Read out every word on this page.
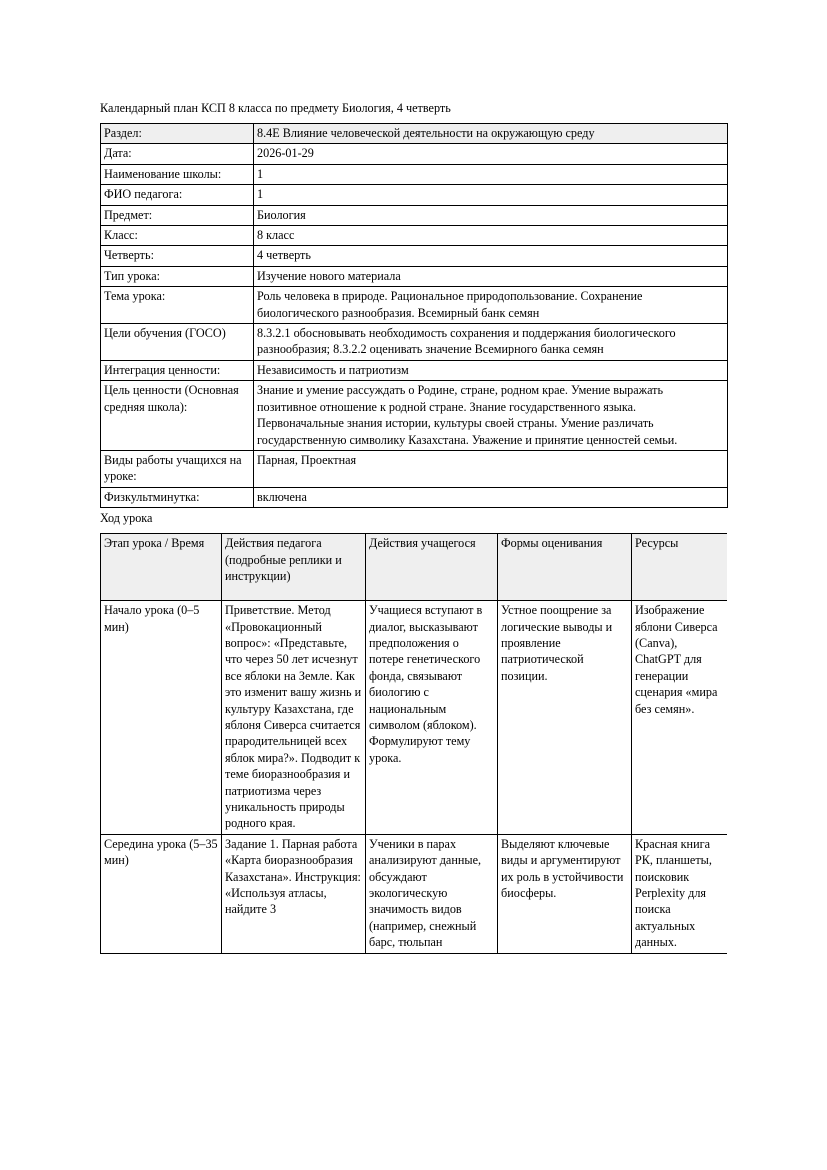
Календарный план КСП 8 класса по предмету Биология, 4 четверть
Раздел:	8.4E Влияние человеческой деятельности на окружающую среду
Дата:	2026-01-29
Наименование школы:	1
ФИО педагога:	1
Предмет:	Биология
Класс:	8 класс
Четверть:	4 четверть
Тип урока:	Изучение нового материала
Тема урока:	Роль человека в природе. Рациональное природопользование. Сохранение биологического разнообразия. Всемирный банк семян
Цели обучения (ГОСО)	8.3.2.1 обосновывать необходимость сохранения и поддержания биологического разнообразия; 8.3.2.2 оценивать значение Всемирного банка семян
Интеграция ценности:	Независимость и патриотизм
Цель ценности (Основная средняя школа):	Знание и умение рассуждать о Родине, стране, родном крае. Умение выражать позитивное отношение к родной стране. Знание государственного языка. Первоначальные знания истории, культуры своей страны. Умение различать государственную символику Казахстана. Уважение и принятие ценностей семьи.
Виды работы учащихся на уроке:	Парная, Проектная
Физкультминутка:	включена
Ход урока
Этап урока / Время	Действия педагога (подробные реплики и инструкции)	Действия учащегося	Формы оценивания	Ресурсы
Начало урока (0–5 мин)	Приветствие. Метод «Провокационный вопрос»: «Представьте, что через 50 лет исчезнут все яблоки на Земле. Как это изменит вашу жизнь и культуру Казахстана, где яблоня Сиверса считается прародительницей всех яблок мира?». Подводит к теме биоразнообразия и патриотизма через уникальность природы родного края.	Учащиеся вступают в диалог, высказывают предположения о потере генетического фонда, связывают биологию с национальным символом (яблоком). Формулируют тему урока.	Устное поощрение за логические выводы и проявление патриотической позиции.	Изображение яблони Сиверса (Canva), ChatGPT для генерации сценария «мира без семян».
Середина урока (5–35 мин)	Задание 1. Парная работа «Карта биоразнообразия Казахстана». Инструкция: «Используя атласы, найдите 3	Ученики в парах анализируют данные, обсуждают экологическую значимость видов (например, снежный барс, тюльпан	Выделяют ключевые виды и аргументируют их роль в устойчивости биосферы.	Красная книга РК, планшеты, поисковик Perplexity для поиска актуальных данных.
